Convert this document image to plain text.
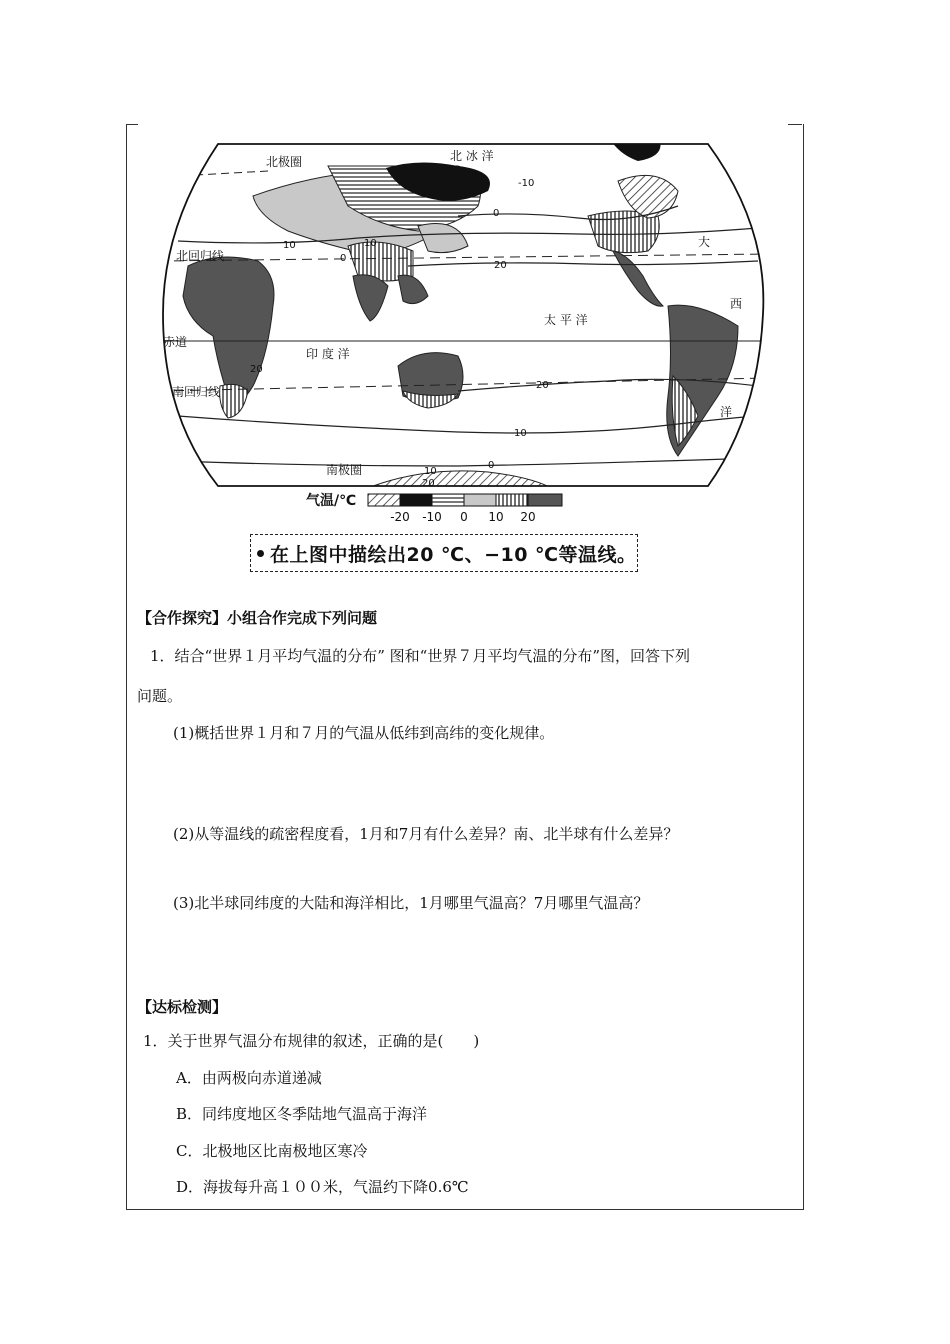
北 冰 洋
北极圈
北回归线
赤道
南回归线
南极圈
印 度 洋
太 平 洋
大
西
洋
-10
0
0
10	10
20
20
20
10
0
10
20
气温/℃
-20 -10 0 10 20
在上图中描绘出20 ℃、−10 ℃等温线。
【合作探究】小组合作完成下列问题
1．结合“世界１月平均气温的分布” 图和“世界７月平均气温的分布”图，回答下列
问题。
(1)概括世界１月和７月的气温从低纬到高纬的变化规律。
(2)从等温线的疏密程度看，1月和7月有什么差异？南、北半球有什么差异？
(3)北半球同纬度的大陆和海洋相比，1月哪里气温高？7月哪里气温高？
【达标检测】
1．关于世界气温分布规律的叙述，正确的是(　　)
A．由两极向赤道递减
B．同纬度地区冬季陆地气温高于海洋
C．北极地区比南极地区寒冷
D．海拔每升高１００米，气温约下降0.6℃
